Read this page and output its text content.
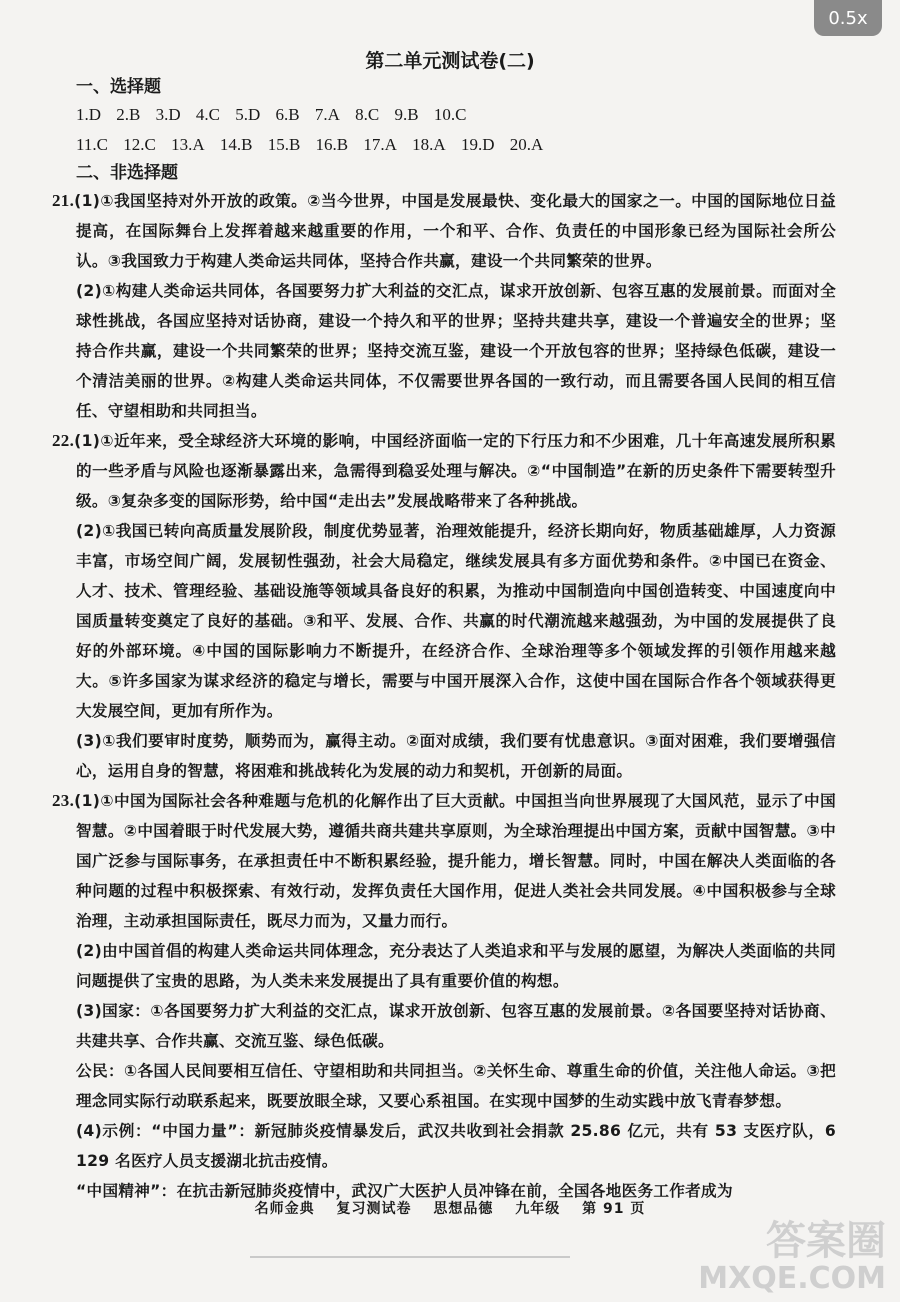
0.5x
第二单元测试卷(二)
一、选择题
1.D 2.B 3.D 4.C 5.D 6.B 7.A 8.C 9.B 10.C
11.C 12.C 13.A 14.B 15.B 16.B 17.A 18.A 19.D 20.A
二、非选择题

21.(1)①我国坚持对外开放的政策。②当今世界，中国是发展最快、变化最大的国家之一。中国的国际地位日益提高，在国际舞台上发挥着越来越重要的作用，一个和平、合作、负责任的中国形象已经为国际社会所公认。③我国致力于构建人类命运共同体，坚持合作共赢，建设一个共同繁荣的世界。

(2)①构建人类命运共同体，各国要努力扩大利益的交汇点，谋求开放创新、包容互惠的发展前景。而面对全球性挑战，各国应坚持对话协商，建设一个持久和平的世界；坚持共建共享，建设一个普遍安全的世界；坚持合作共赢，建设一个共同繁荣的世界；坚持交流互鉴，建设一个开放包容的世界；坚持绿色低碳，建设一个清洁美丽的世界。②构建人类命运共同体，不仅需要世界各国的一致行动，而且需要各国人民间的相互信任、守望相助和共同担当。

22.(1)①近年来，受全球经济大环境的影响，中国经济面临一定的下行压力和不少困难，几十年高速发展所积累的一些矛盾与风险也逐渐暴露出来，急需得到稳妥处理与解决。②“中国制造”在新的历史条件下需要转型升级。③复杂多变的国际形势，给中国“走出去”发展战略带来了各种挑战。

(2)①我国已转向高质量发展阶段，制度优势显著，治理效能提升，经济长期向好，物质基础雄厚，人力资源丰富，市场空间广阔，发展韧性强劲，社会大局稳定，继续发展具有多方面优势和条件。②中国已在资金、人才、技术、管理经验、基础设施等领域具备良好的积累，为推动中国制造向中国创造转变、中国速度向中国质量转变奠定了良好的基础。③和平、发展、合作、共赢的时代潮流越来越强劲，为中国的发展提供了良好的外部环境。④中国的国际影响力不断提升，在经济合作、全球治理等多个领域发挥的引领作用越来越大。⑤许多国家为谋求经济的稳定与增长，需要与中国开展深入合作，这使中国在国际合作各个领域获得更大发展空间，更加有所作为。

(3)①我们要审时度势，顺势而为，赢得主动。②面对成绩，我们要有忧患意识。③面对困难，我们要增强信心，运用自身的智慧，将困难和挑战转化为发展的动力和契机，开创新的局面。

23.(1)①中国为国际社会各种难题与危机的化解作出了巨大贡献。中国担当向世界展现了大国风范，显示了中国智慧。②中国着眼于时代发展大势，遵循共商共建共享原则，为全球治理提出中国方案，贡献中国智慧。③中国广泛参与国际事务，在承担责任中不断积累经验，提升能力，增长智慧。同时，中国在解决人类面临的各种问题的过程中积极探索、有效行动，发挥负责任大国作用，促进人类社会共同发展。④中国积极参与全球治理，主动承担国际责任，既尽力而为，又量力而行。

(2)由中国首倡的构建人类命运共同体理念，充分表达了人类追求和平与发展的愿望，为解决人类面临的共同问题提供了宝贵的思路，为人类未来发展提出了具有重要价值的构想。

(3)国家：①各国要努力扩大利益的交汇点，谋求开放创新、包容互惠的发展前景。②各国要坚持对话协商、共建共享、合作共赢、交流互鉴、绿色低碳。

公民：①各国人民间要相互信任、守望相助和共同担当。②关怀生命、尊重生命的价值，关注他人命运。③把理念同实际行动联系起来，既要放眼全球，又要心系祖国。在实现中国梦的生动实践中放飞青春梦想。

(4)示例：“中国力量”：新冠肺炎疫情暴发后，武汉共收到社会捐款 25.86 亿元，共有 53 支医疗队，6 129 名医疗人员支援湖北抗击疫情。

“中国精神”：在抗击新冠肺炎疫情中，武汉广大医护人员冲锋在前，全国各地医务工作者成为

名师金典 复习测试卷 思想品德 九年级 第 91 页
答案圈
MXQE.COM
